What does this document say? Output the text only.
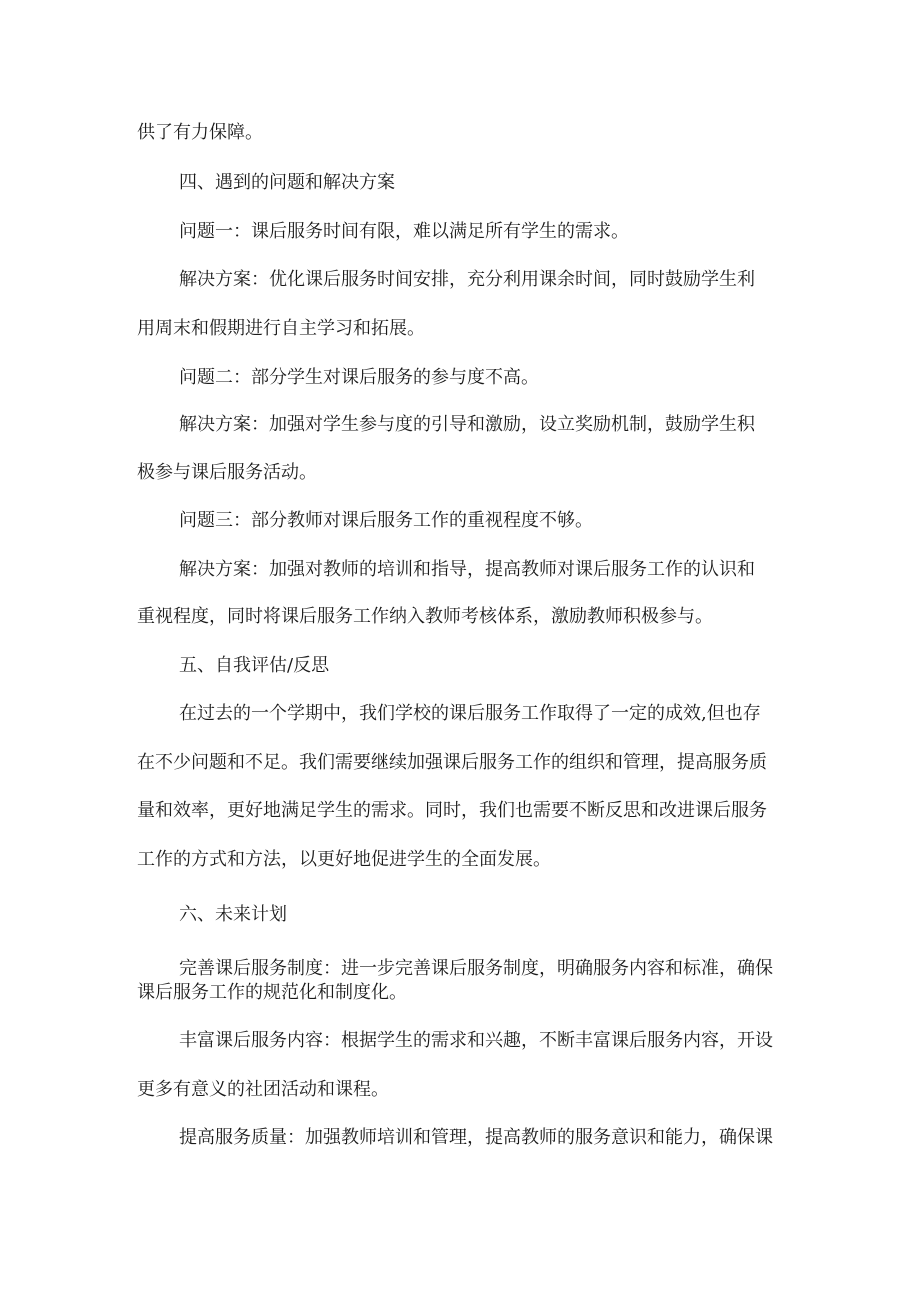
供了有力保障。
四、遇到的问题和解决方案
问题一：课后服务时间有限，难以满足所有学生的需求。
解决方案：优化课后服务时间安排，充分利用课余时间，同时鼓励学生利
用周末和假期进行自主学习和拓展。
问题二：部分学生对课后服务的参与度不高。
解决方案：加强对学生参与度的引导和激励，设立奖励机制，鼓励学生积
极参与课后服务活动。
问题三：部分教师对课后服务工作的重视程度不够。
解决方案：加强对教师的培训和指导，提高教师对课后服务工作的认识和
重视程度，同时将课后服务工作纳入教师考核体系，激励教师积极参与。
五、自我评估/反思
在过去的一个学期中，我们学校的课后服务工作取得了一定的成效,但也存
在不少问题和不足。我们需要继续加强课后服务工作的组织和管理，提高服务质
量和效率，更好地满足学生的需求。同时，我们也需要不断反思和改进课后服务
工作的方式和方法，以更好地促进学生的全面发展。
六、未来计划
完善课后服务制度：进一步完善课后服务制度，明确服务内容和标准，确保
课后服务工作的规范化和制度化。
丰富课后服务内容：根据学生的需求和兴趣，不断丰富课后服务内容，开设
更多有意义的社团活动和课程。
提高服务质量：加强教师培训和管理，提高教师的服务意识和能力，确保课
